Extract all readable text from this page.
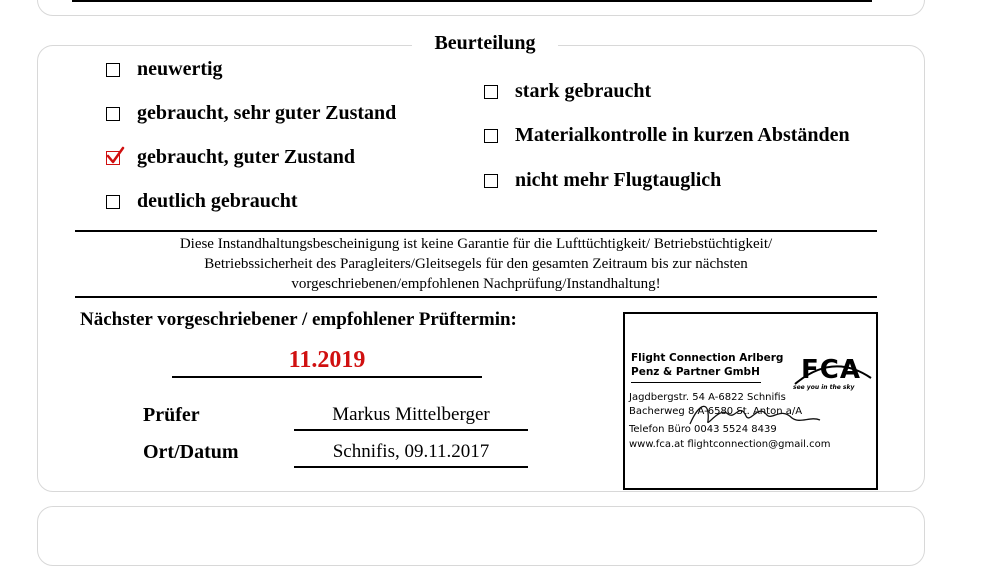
Beurteilung
neuwertig
gebraucht, sehr guter Zustand
gebraucht, guter Zustand
deutlich gebraucht
stark gebraucht
Materialkontrolle in kurzen Abständen
nicht mehr Flugtauglich
Diese Instandhaltungsbescheinigung ist keine Garantie für die Lufttüchtigkeit/ Betriebstüchtigkeit/
Betriebssicherheit des Paragleiters/Gleitsegels für den gesamten Zeitraum bis zur nächsten
vorgeschriebenen/empfohlenen Nachprüfung/Instandhaltung!
Nächster vorgeschriebener / empfohlener Prüftermin:
11.2019
Prüfer	Markus Mittelberger
Ort/Datum	Schnifis, 09.11.2017
Flight Connection Arlberg
Penz & Partner GmbH FCA
see you in the sky
Jagdbergstr. 54 A-6822 Schnifis
Bacherweg 8 A-6580 St. Anton a/A
Telefon Büro 0043 5524 8439
www.fca.at flightconnection@gmail.com
